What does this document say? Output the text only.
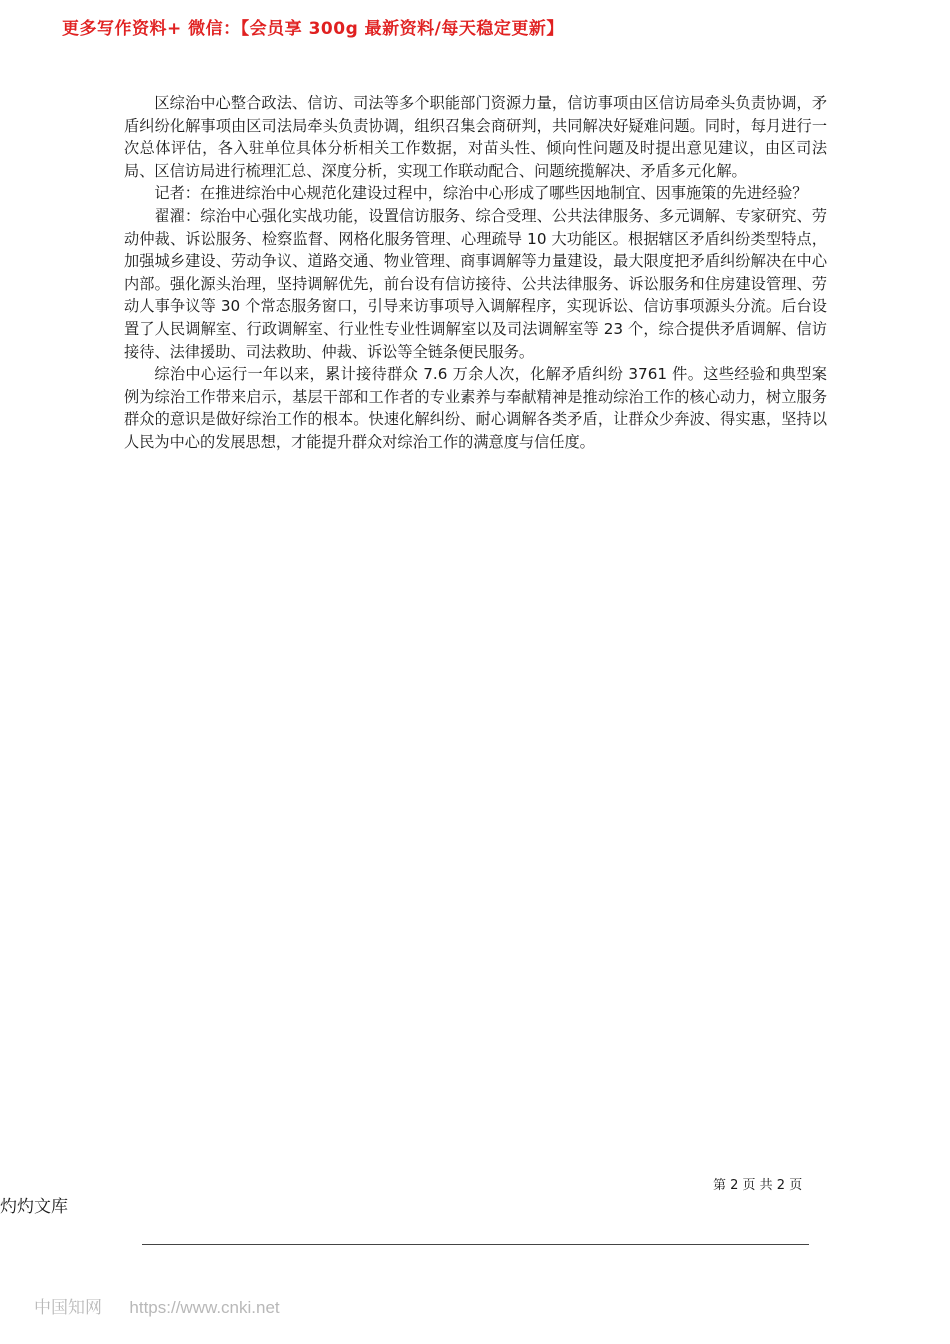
更多写作资料+ 微信：【会员享 300g 最新资料/每天稳定更新】

区综治中心整合政法、信访、司法等多个职能部门资源力量，信访事项由区信访局牵头负责协调，矛盾纠纷化解事项由区司法局牵头负责协调，组织召集会商研判，共同解决好疑难问题。同时，每月进行一次总体评估，各入驻单位具体分析相关工作数据，对苗头性、倾向性问题及时提出意见建议，由区司法局、区信访局进行梳理汇总、深度分析，实现工作联动配合、问题统揽解决、矛盾多元化解。

记者：在推进综治中心规范化建设过程中，综治中心形成了哪些因地制宜、因事施策的先进经验？

翟濯：综治中心强化实战功能，设置信访服务、综合受理、公共法律服务、多元调解、专家研究、劳动仲裁、诉讼服务、检察监督、网格化服务管理、心理疏导 10 大功能区。根据辖区矛盾纠纷类型特点，加强城乡建设、劳动争议、道路交通、物业管理、商事调解等力量建设，最大限度把矛盾纠纷解决在中心内部。强化源头治理，坚持调解优先，前台设有信访接待、公共法律服务、诉讼服务和住房建设管理、劳动人事争议等 30 个常态服务窗口，引导来访事项导入调解程序，实现诉讼、信访事项源头分流。后台设置了人民调解室、行政调解室、行业性专业性调解室以及司法调解室等 23 个，综合提供矛盾调解、信访接待、法律援助、司法救助、仲裁、诉讼等全链条便民服务。

综治中心运行一年以来，累计接待群众 7.6 万余人次，化解矛盾纠纷 3761 件。这些经验和典型案例为综治工作带来启示，基层干部和工作者的专业素养与奉献精神是推动综治工作的核心动力，树立服务群众的意识是做好综治工作的根本。快速化解纠纷、耐心调解各类矛盾，让群众少奔波、得实惠，坚持以人民为中心的发展思想，才能提升群众对综治工作的满意度与信任度。

第 2 页 共 2 页
灼灼文库
中国知网 https://www.cnki.net
